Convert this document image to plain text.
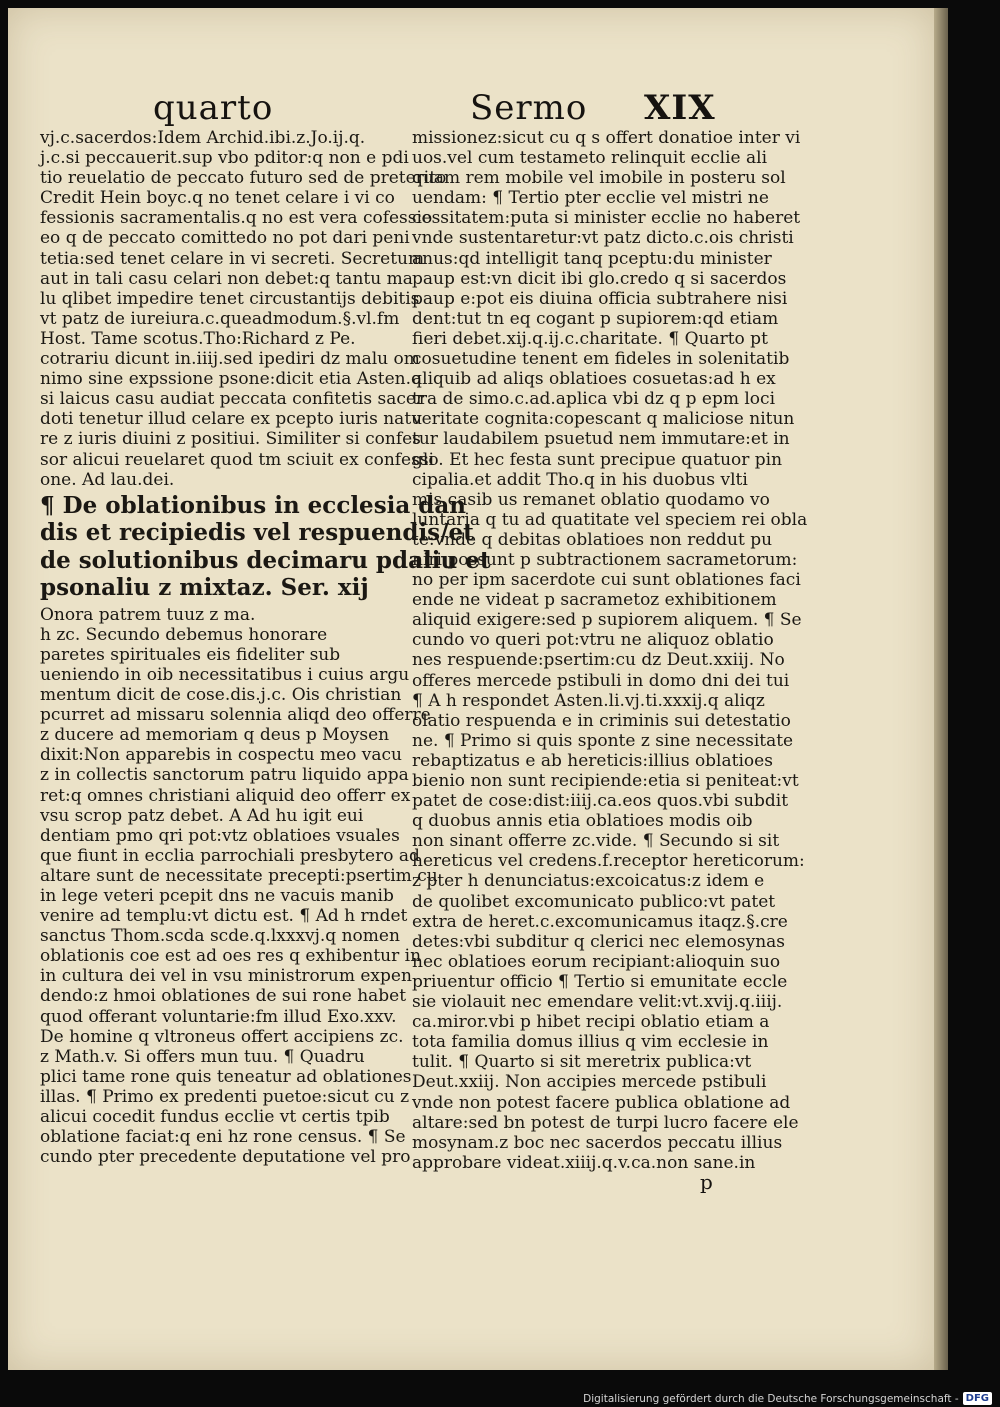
quarto	Sermo XIX
vj.c.sacerdos:Idem Archid.ibi.z.Jo.ij.q.
j.c.si peccauerit.sup vbo pditor:q non e pdi
tio reuelatio de peccato futuro sed de preterito
Credit Hein boyc.q no tenet celare i vi co
fessionis sacramentalis.q no est vera cofessio
eo q de peccato comittedo no pot dari peni
tetia:sed tenet celare in vi secreti. Secretum
aut in tali casu celari non debet:q tantu ma
lu qlibet impedire tenet circustantijs debitis
vt patz de iureiura.c.queadmodum.§.vl.fm
Host. Tame scotus.Tho:Richard z Pe.
cotrariu dicunt in.iiij.sed ipediri dz malu om
nimo sine expssione psone:dicit etia Asten.q
si laicus casu audiat peccata confitetis sacer
doti tenetur illud celare ex pcepto iuris natu
re z iuris diuini z positiui. Similiter si confes
sor alicui reuelaret quod tm sciuit ex confessi
one. Ad lau.dei.
¶ De oblationibus in ecclesia dan
dis et recipiedis vel respuendis/et
de solutionibus decimaru pdaliu et
psonaliu z mixtaz. Ser. xij
Onora patrem tuuz z ma.
h zc. Secundo debemus honorare
paretes spirituales eis fideliter sub
ueniendo in oib necessitatibus i cuius argu
mentum dicit de cose.dis.j.c. Ois christian
pcurret ad missaru solennia aliqd deo offerre
z ducere ad memoriam q deus p Moysen
dixit:Non apparebis in cospectu meo vacu
z in collectis sanctorum patru liquido appa
ret:q omnes christiani aliquid deo offerr ex
vsu scrop patz debet. A Ad hu igit eui
dentiam pmo qri pot:vtz oblatioes vsuales
que fiunt in ecclia parrochiali presbytero ad
altare sunt de necessitate precepti:psertim cu
in lege veteri pcepit dns ne vacuis manib
venire ad templu:vt dictu est. ¶ Ad h rndet
sanctus Thom.scda scde.q.lxxxvj.q nomen
oblationis coe est ad oes res q exhibentur in
in cultura dei vel in vsu ministrorum expen
dendo:z hmoi oblationes de sui rone habet
quod offerant voluntarie:fm illud Exo.xxv.
De homine q vltroneus offert accipiens zc.
z Math.v. Si offers mun tuu. ¶ Quadru
plici tame rone quis teneatur ad oblationes
illas. ¶ Primo ex predenti puetoe:sicut cu z
alicui cocedit fundus ecclie vt certis tpib
oblatione faciat:q eni hz rone census. ¶ Se
cundo pter precedente deputatione vel pro
missionez:sicut cu q s offert donatioe inter vi
uos.vel cum testameto relinquit ecclie ali
quam rem mobile vel imobile in posteru sol
uendam: ¶ Tertio pter ecclie vel mistri ne
cessitatem:puta si minister ecclie no haberet
vnde sustentaretur:vt patz dicto.c.ois christi
anus:qd intelligit tanq pceptu:du minister
paup est:vn dicit ibi glo.credo q si sacerdos
paup e:pot eis diuina officia subtrahere nisi
dent:tut tn eq cogant p supiorem:qd etiam
fieri debet.xij.q.ij.c.charitate. ¶ Quarto pt
cosuetudine tenent em fideles in solenitatib
aliquib ad aliqs oblatioes cosuetas:ad h ex
tra de simo.c.ad.aplica vbi dz q p epm loci
veritate cognita:copescant q maliciose nitun
tur laudabilem psuetud nem immutare:et in
glo. Et hec festa sunt precipue quatuor pin
cipalia.et addit Tho.q in his duobus vlti
mis casib us remanet oblatio quodamo vo
luntaria q tu ad quatitate vel speciem rei obla
te:vnde q debitas oblatioes non reddut pu
niri possunt p subtractionem sacrametorum:
no per ipm sacerdote cui sunt oblationes faci
ende ne videat p sacrametoz exhibitionem
aliquid exigere:sed p supiorem aliquem. ¶ Se
cundo vo queri pot:vtru ne aliquoz oblatio
nes respuende:psertim:cu dz Deut.xxiij. No
offeres mercede pstibuli in domo dni dei tui
¶ A h respondet Asten.li.vj.ti.xxxij.q aliqz
olatio respuenda e in criminis sui detestatio
ne. ¶ Primo si quis sponte z sine necessitate
rebaptizatus e ab hereticis:illius oblatioes
bienio non sunt recipiende:etia si peniteat:vt
patet de cose:dist:iiij.ca.eos quos.vbi subdit
q duobus annis etia oblatioes modis oib
non sinant offerre zc.vide. ¶ Secundo si sit
hereticus vel credens.f.receptor hereticorum:
z pter h denunciatus:excoicatus:z idem e
de quolibet excomunicato publico:vt patet
extra de heret.c.excomunicamus itaqz.§.cre
detes:vbi subditur q clerici nec elemosynas
nec oblatioes eorum recipiant:alioquin suo
priuentur officio ¶ Tertio si emunitate eccle
sie violauit nec emendare velit:vt.xvij.q.iiij.
ca.miror.vbi p hibet recipi oblatio etiam a
tota familia domus illius q vim ecclesie in
tulit. ¶ Quarto si sit meretrix publica:vt
Deut.xxiij. Non accipies mercede pstibuli
vnde non potest facere publica oblatione ad
altare:sed bn potest de turpi lucro facere ele
mosynam.z boc nec sacerdos peccatu illius
approbare videat.xiiij.q.v.ca.non sane.in
p
Digitalisierung gefördert durch die Deutsche Forschungsgemeinschaft - DFG
